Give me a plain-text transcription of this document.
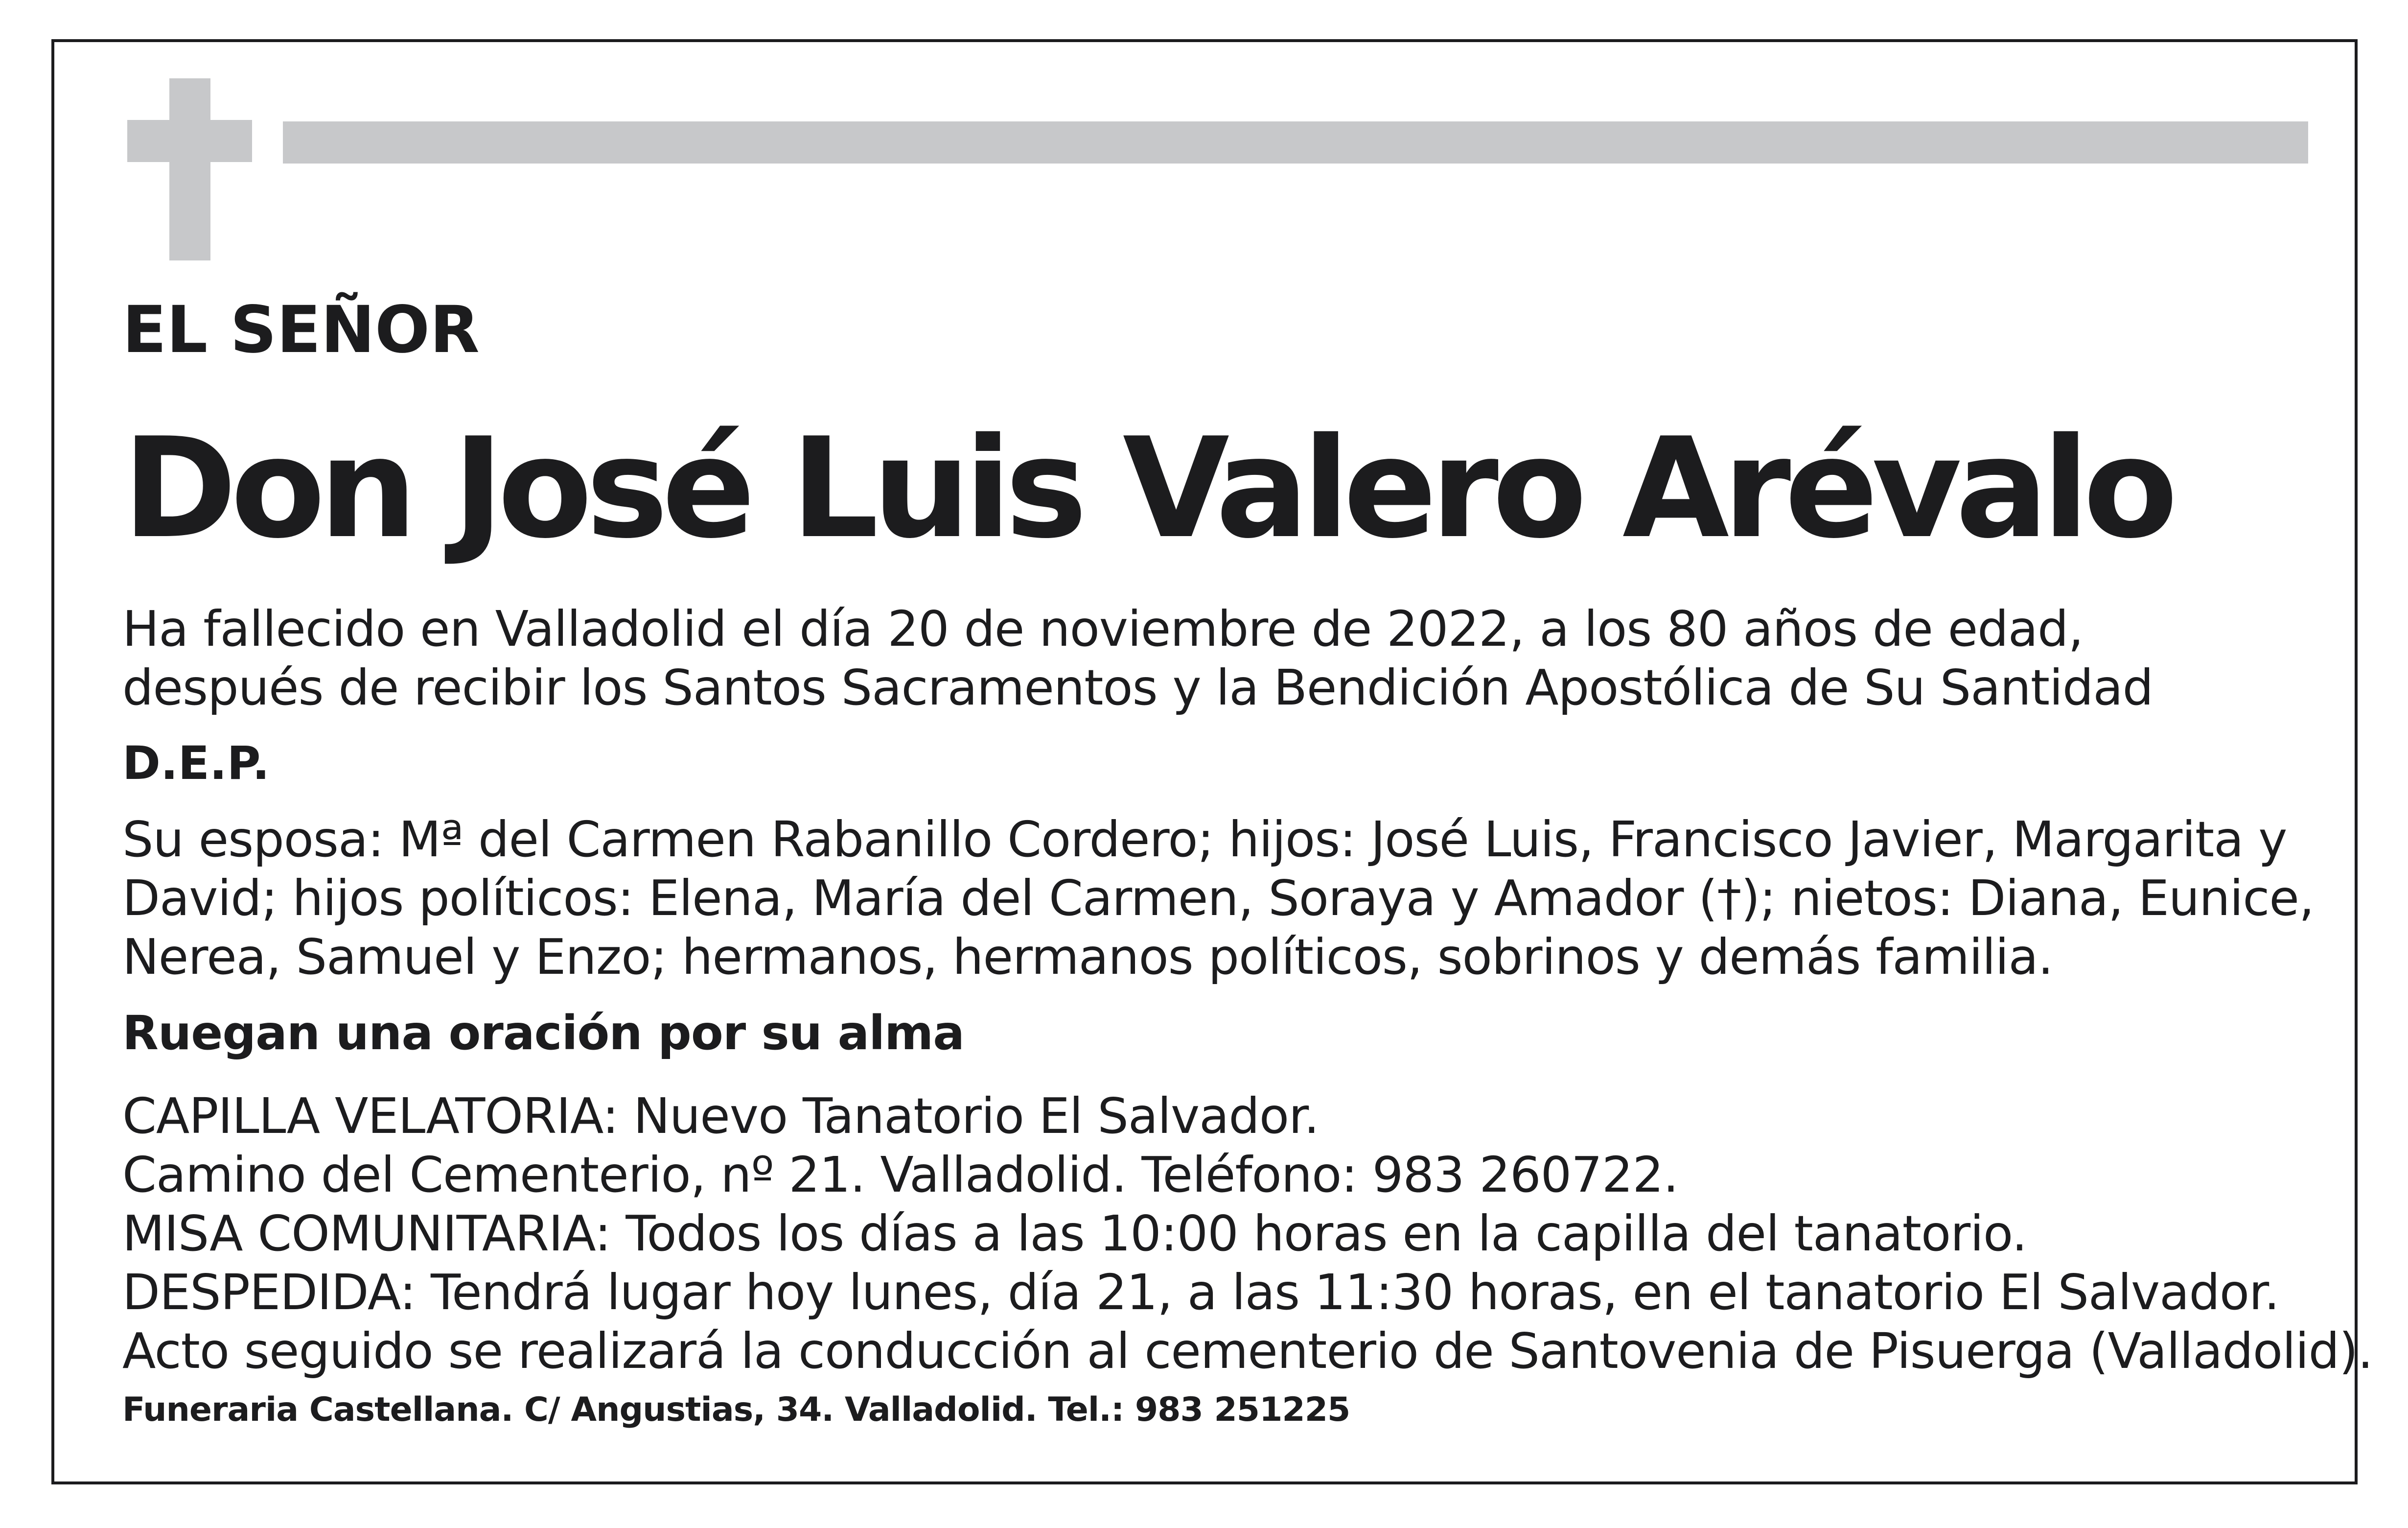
EL SEÑOR

Don José Luis Valero Arévalo

Ha fallecido en Valladolid el día 20 de noviembre de 2022, a los 80 años de edad,
después de recibir los Santos Sacramentos y la Bendición Apostólica de Su Santidad

D.E.P.

Su esposa: Mª del Carmen Rabanillo Cordero; hijos: José Luis, Francisco Javier, Margarita y
David; hijos políticos: Elena, María del Carmen, Soraya y Amador (†); nietos: Diana, Eunice,
Nerea, Samuel y Enzo; hermanos, hermanos políticos, sobrinos y demás familia.

Ruegan una oración por su alma

CAPILLA VELATORIA: Nuevo Tanatorio El Salvador.
Camino del Cementerio, nº 21. Valladolid. Teléfono: 983 260722.
MISA COMUNITARIA: Todos los días a las 10:00 horas en la capilla del tanatorio.
DESPEDIDA: Tendrá lugar hoy lunes, día 21, a las 11:30 horas, en el tanatorio El Salvador.
Acto seguido se realizará la conducción al cementerio de Santovenia de Pisuerga (Valladolid).

Funeraria Castellana. C/ Angustias, 34. Valladolid. Tel.: 983 251225
